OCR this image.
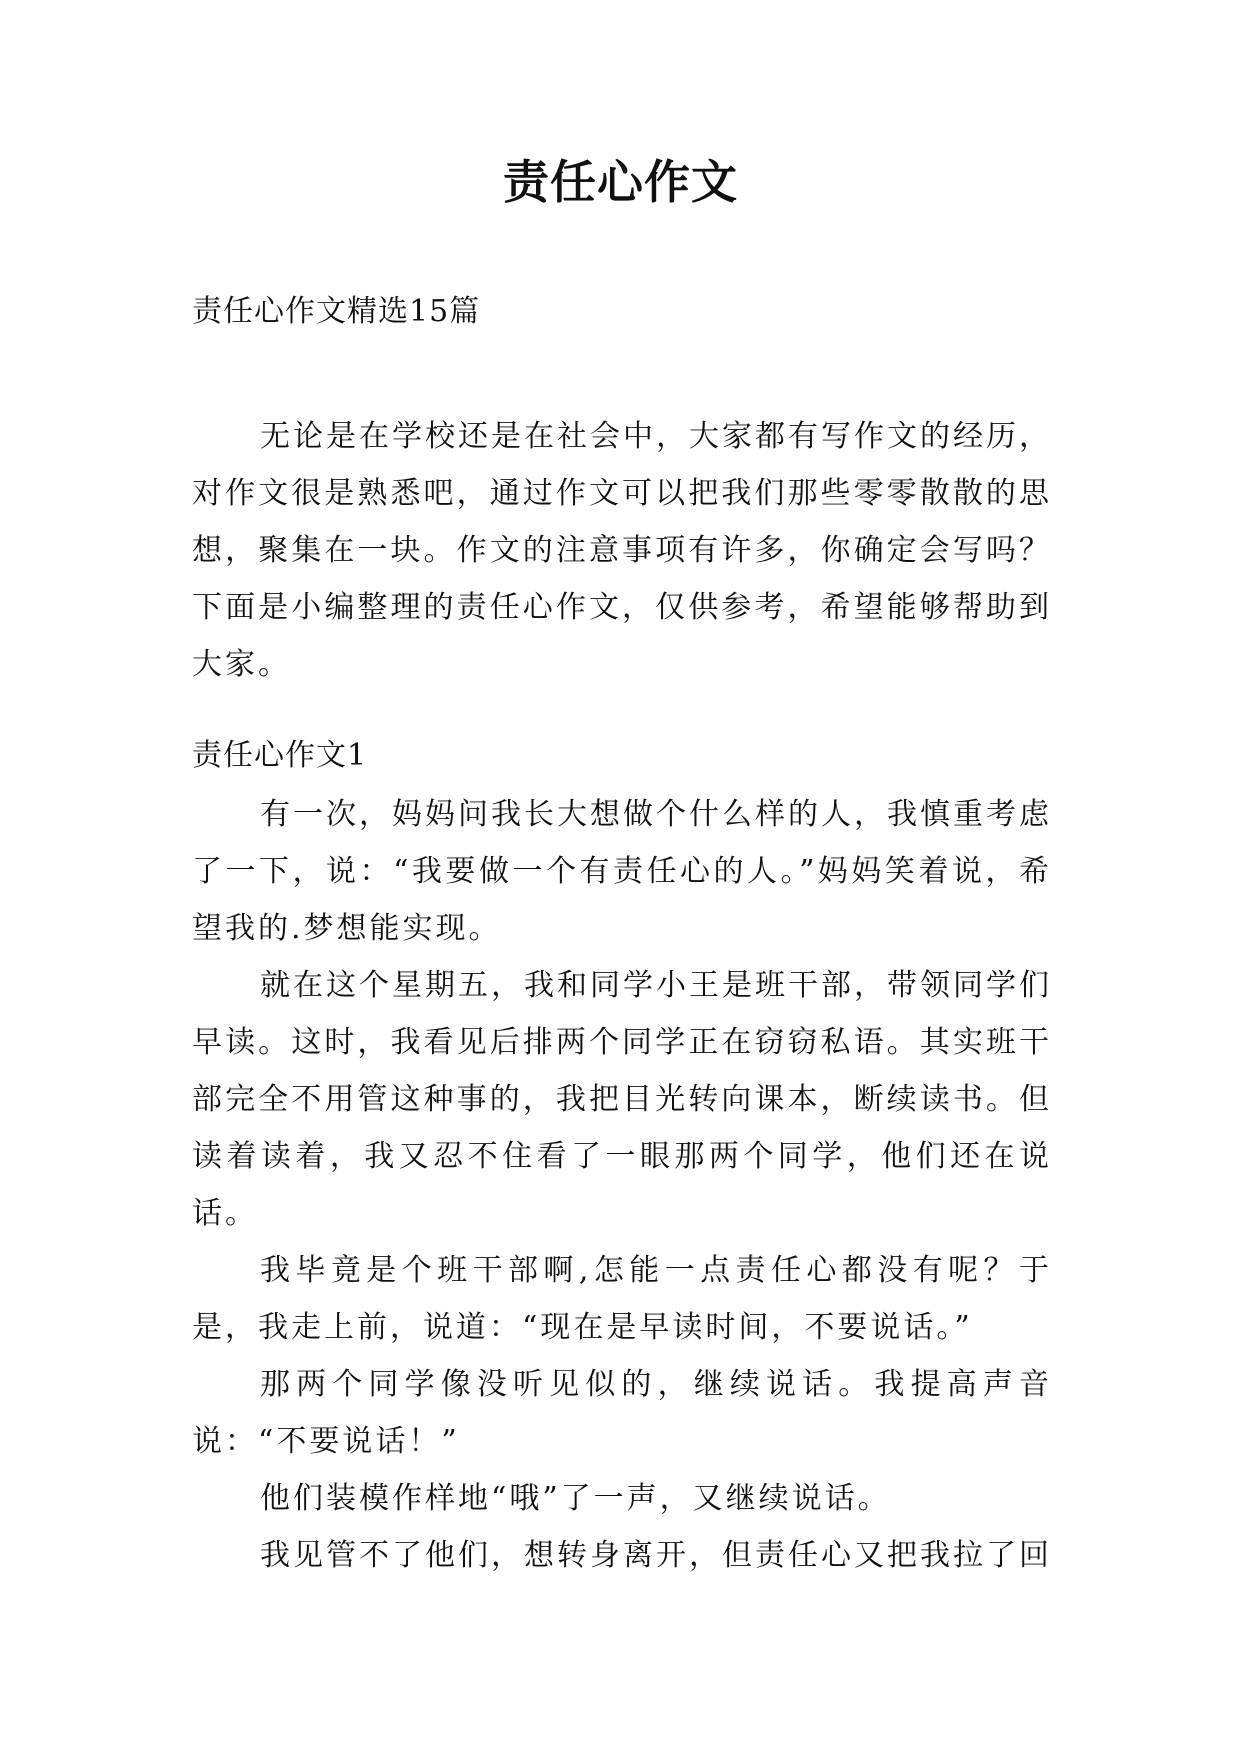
责任心作文
责任心作文精选15篇

无论是在学校还是在社会中，大家都有写作文的经历，对作文很是熟悉吧，通过作文可以把我们那些零零散散的思想，聚集在一块。作文的注意事项有许多，你确定会写吗？下面是小编整理的责任心作文，仅供参考，希望能够帮助到大家。

责任心作文1

有一次，妈妈问我长大想做个什么样的人，我慎重考虑了一下，说：“我要做一个有责任心的人。”妈妈笑着说，希望我的.梦想能实现。

就在这个星期五，我和同学小王是班干部，带领同学们早读。这时，我看见后排两个同学正在窃窃私语。其实班干部完全不用管这种事的，我把目光转向课本，断续读书。但读着读着，我又忍不住看了一眼那两个同学，他们还在说话。

我毕竟是个班干部啊,怎能一点责任心都没有呢？于是，我走上前，说道：“现在是早读时间，不要说话。”

那两个同学像没听见似的，继续说话。我提高声音说：“不要说话！”

他们装模作样地“哦”了一声，又继续说话。

我见管不了他们，想转身离开，但责任心又把我拉了回
